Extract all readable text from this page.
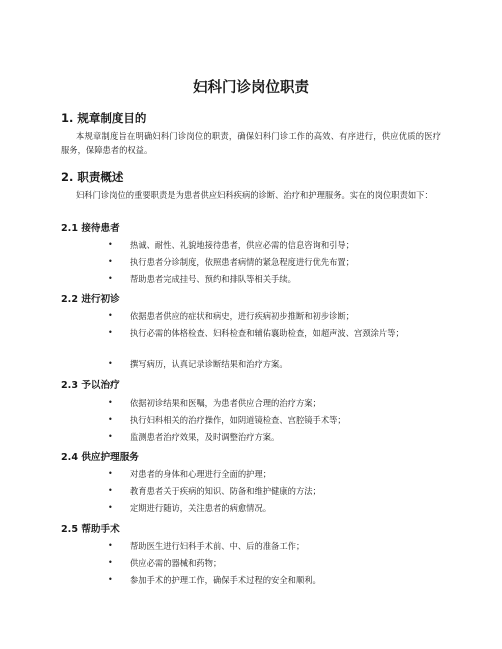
妇科门诊岗位职责
1. 规章制度目的

本规章制度旨在明确妇科门诊岗位的职责，确保妇科门诊工作的高效、有序进行，供应优质的医疗服务，保障患者的权益。

2. 职责概述

妇科门诊岗位的重要职责是为患者供应妇科疾病的诊断、治疗和护理服务。实在的岗位职责如下：

2.1 接待患者
• 热诚、耐性、礼貌地接待患者，供应必需的信息咨询和引导；
• 执行患者分诊制度，依照患者病情的紧急程度进行优先布置；
• 帮助患者完成挂号、预约和排队等相关手续。
2.2 进行初诊
• 依据患者供应的症状和病史，进行疾病初步推断和初步诊断；
• 执行必需的体格检查、妇科检查和辅佑襄助检查，如超声波、宫颈涂片等；
• 撰写病历，认真记录诊断结果和治疗方案。
2.3 予以治疗
• 依据初诊结果和医嘱，为患者供应合理的治疗方案；
• 执行妇科相关的治疗操作，如阴道镜检查、宫腔镜手术等；
• 监测患者治疗效果，及时调整治疗方案。
2.4 供应护理服务
• 对患者的身体和心理进行全面的护理；
• 教育患者关于疾病的知识、防备和维护健康的方法；
• 定期进行随访，关注患者的病愈情况。
2.5 帮助手术
• 帮助医生进行妇科手术前、中、后的准备工作；
• 供应必需的器械和药物；
• 参加手术的护理工作，确保手术过程的安全和顺利。
